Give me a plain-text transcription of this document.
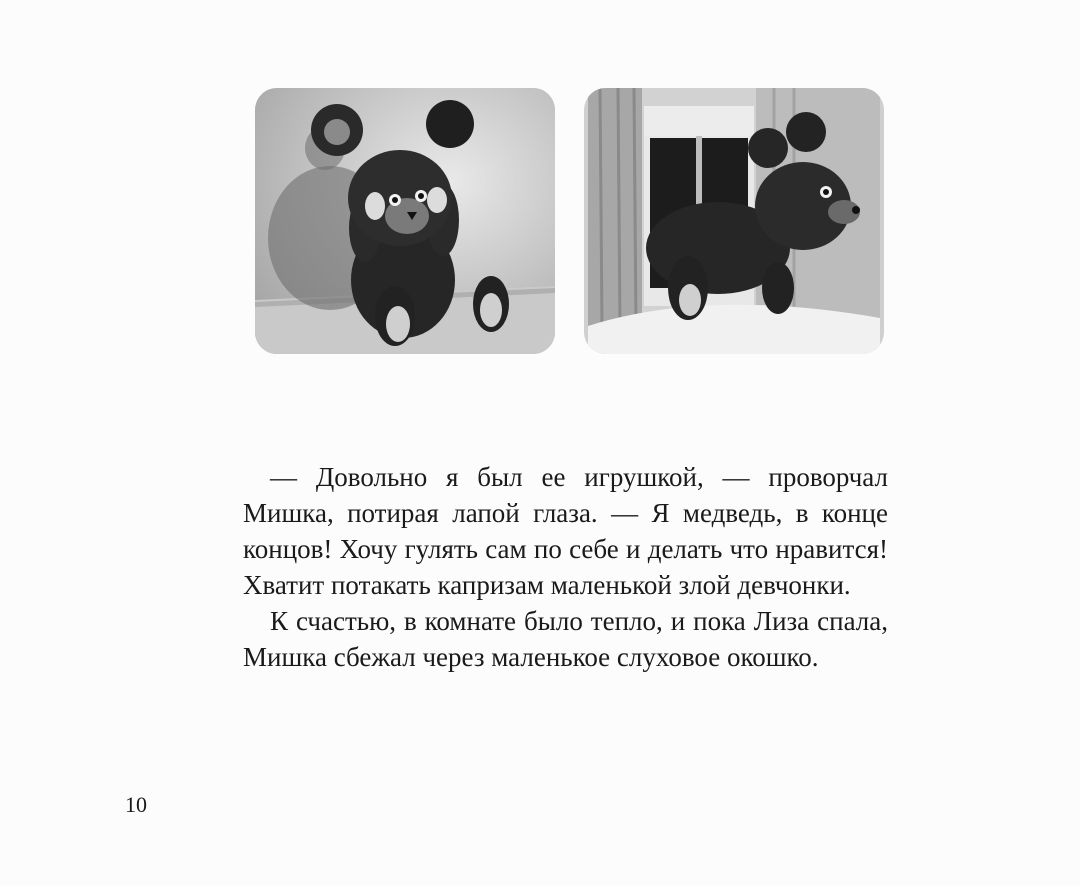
— Довольно я был ее игрушкой, — проворчал Мишка, потирая лапой глаза. — Я медведь, в конце концов! Хочу гулять сам по себе и делать что нравится! Хватит потакать капризам маленькой злой девчонки.

К счастью, в комнате было тепло, и пока Лиза спала, Мишка сбежал через маленькое слуховое окошко.

10
